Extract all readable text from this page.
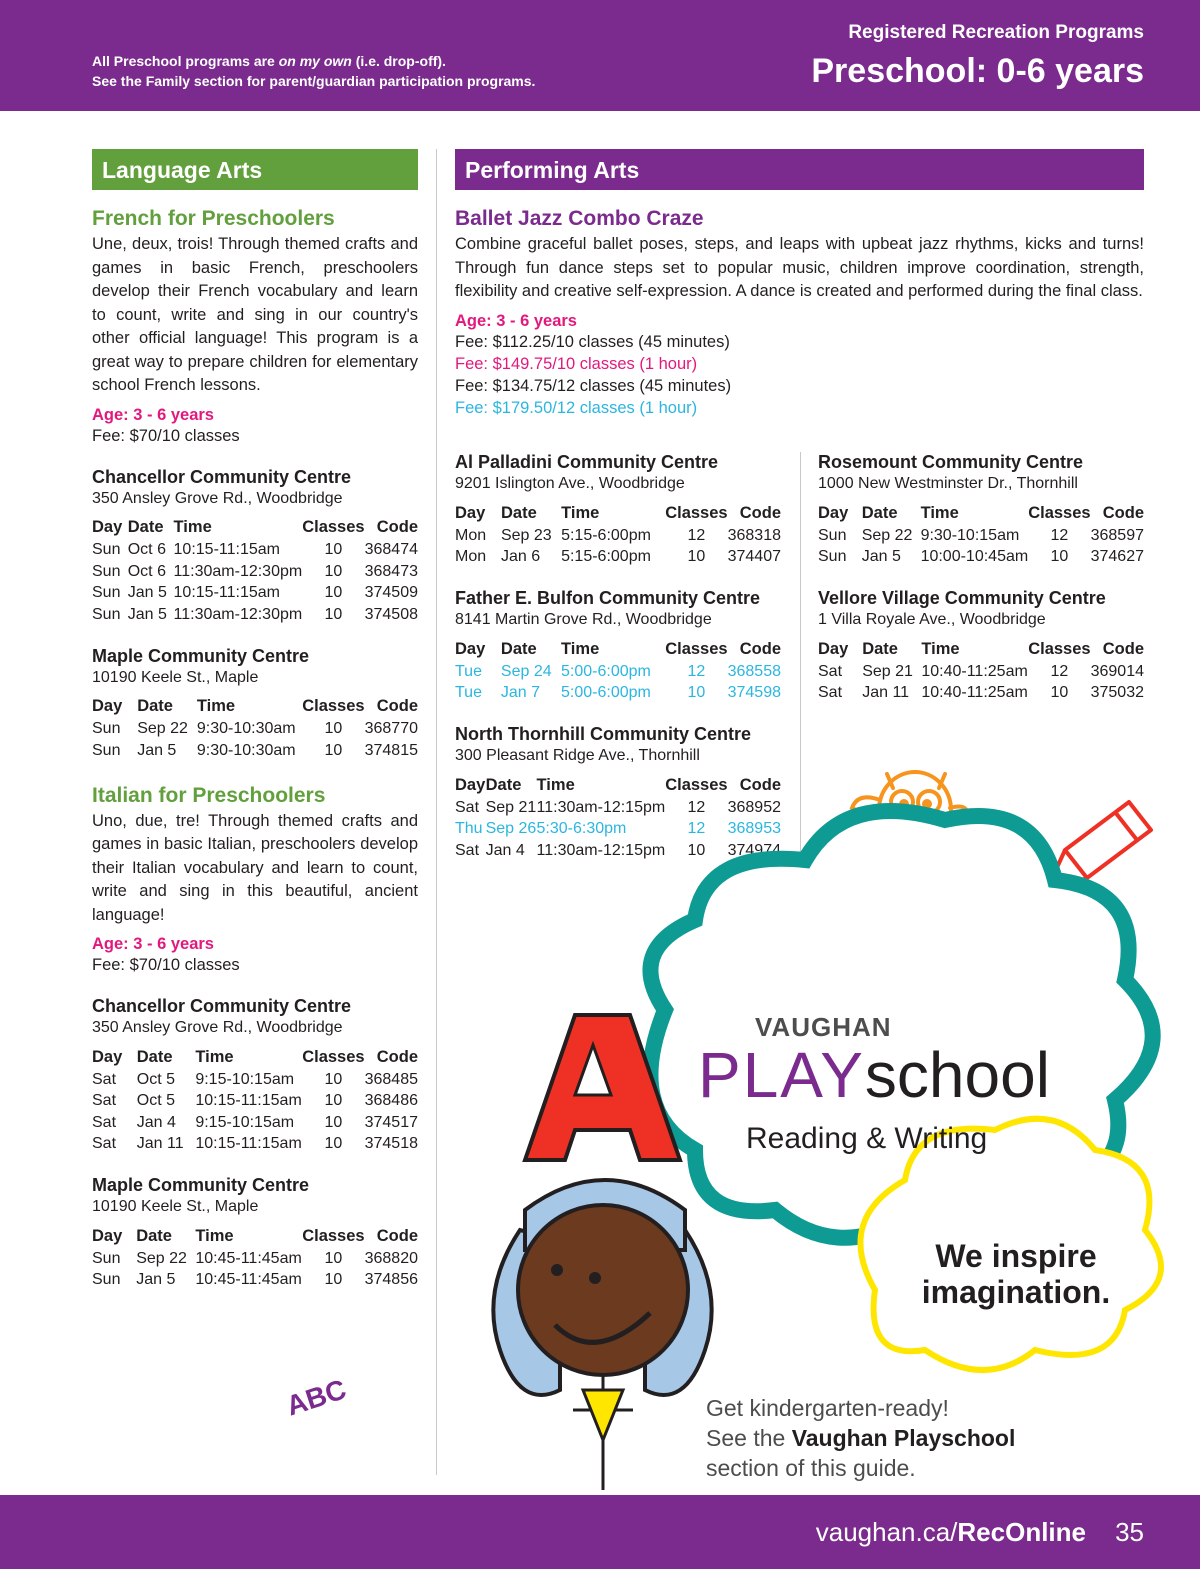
All Preschool programs are on my own (i.e. drop-off).
See the Family section for parent/guardian participation programs.
Registered Recreation Programs
Preschool: 0-6 years
Language Arts
French for Preschoolers

Une, deux, trois! Through themed crafts and games in basic French, preschoolers develop their French vocabulary and learn to count, write and sing in our country's other official language! This program is a great way to prepare children for elementary school French lessons.

Age: 3 - 6 years
Fee: $70/10 classes
Chancellor Community Centre
350 Ansley Grove Rd., Woodbridge
Day	Date	Time	Classes	Code
Sun	Oct 6	10:15-11:15am	10	368474
Sun	Oct 6	11:30am-12:30pm	10	368473
Sun	Jan 5	10:15-11:15am	10	374509
Sun	Jan 5	11:30am-12:30pm	10	374508
Maple Community Centre
10190 Keele St., Maple
Day	Date	Time	Classes	Code
Sun	Sep 22	9:30-10:30am	10	368770
Sun	Jan 5	9:30-10:30am	10	374815
Italian for Preschoolers

Uno, due, tre! Through themed crafts and games in basic Italian, preschoolers develop their Italian vocabulary and learn to count, write and sing in this beautiful, ancient language!

Age: 3 - 6 years
Fee: $70/10 classes
Chancellor Community Centre
350 Ansley Grove Rd., Woodbridge
Day	Date	Time	Classes	Code
Sat	Oct 5	9:15-10:15am	10	368485
Sat	Oct 5	10:15-11:15am	10	368486
Sat	Jan 4	9:15-10:15am	10	374517
Sat	Jan 11	10:15-11:15am	10	374518
Maple Community Centre
10190 Keele St., Maple
Day	Date	Time	Classes	Code
Sun	Sep 22	10:45-11:45am	10	368820
Sun	Jan 5	10:45-11:45am	10	374856
Performing Arts
Ballet Jazz Combo Craze

Combine graceful ballet poses, steps, and leaps with upbeat jazz rhythms, kicks and turns! Through fun dance steps set to popular music, children improve coordination, strength, flexibility and creative self-expression. A dance is created and performed during the final class.

Age: 3 - 6 years
Fee: $112.25/10 classes (45 minutes)
Fee: $149.75/10 classes (1 hour)
Fee: $134.75/12 classes (45 minutes)
Fee: $179.50/12 classes (1 hour)
Al Palladini Community Centre
9201 Islington Ave., Woodbridge
Day	Date	Time	Classes	Code
Mon	Sep 23	5:15-6:00pm	12	368318
Mon	Jan 6	5:15-6:00pm	10	374407
Father E. Bulfon Community Centre
8141 Martin Grove Rd., Woodbridge
Day	Date	Time	Classes	Code
Tue	Sep 24	5:00-6:00pm	12	368558
Tue	Jan 7	5:00-6:00pm	10	374598
North Thornhill Community Centre
300 Pleasant Ridge Ave., Thornhill
Day	Date	Time	Classes	Code
Sat	Sep 21	11:30am-12:15pm	12	368952
Thu	Sep 26	5:30-6:30pm	12	368953
Sat	Jan 4	11:30am-12:15pm	10	374974
Rosemount Community Centre
1000 New Westminster Dr., Thornhill
Day	Date	Time	Classes	Code
Sun	Sep 22	9:30-10:15am	12	368597
Sun	Jan 5	10:00-10:45am	10	374627
Vellore Village Community Centre
1 Villa Royale Ave., Woodbridge
Day	Date	Time	Classes	Code
Sat	Sep 21	10:40-11:25am	12	369014
Sat	Jan 11	10:40-11:25am	10	375032
VAUGHAN
PLAYschool
Reading & Writing
We inspire imagination.
ABC	Get kindergarten-ready!
See the Vaughan Playschool
section of this guide.
vaughan.ca/RecOnline 35
